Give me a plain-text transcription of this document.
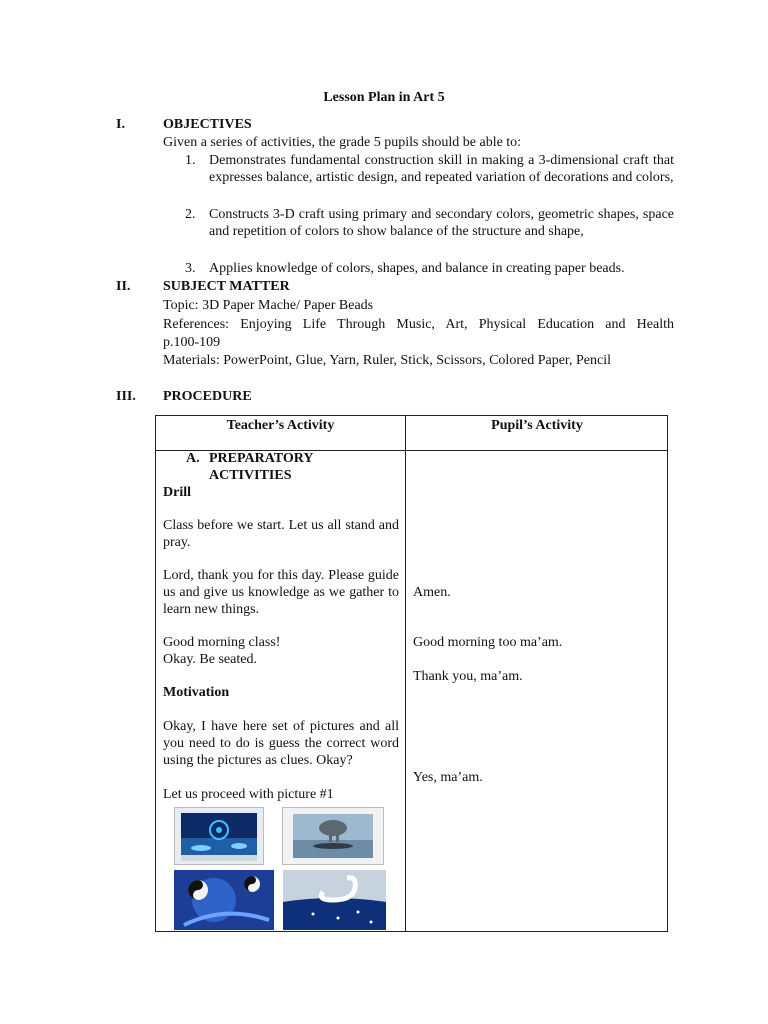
Lesson Plan in Art 5
I.	OBJECTIVES
Given a series of activities, the grade 5 pupils should be able to:
1. Demonstrates fundamental construction skill in making a 3-dimensional craft that expresses balance, artistic design, and repeated variation of decorations and colors,
2. Constructs 3-D craft using primary and secondary colors, geometric shapes, space and repetition of colors to show balance of the structure and shape,
3. Applies knowledge of colors, shapes, and balance in creating paper beads.
II. SUBJECT MATTER
Topic: 3D Paper Mache/ Paper Beads
References: Enjoying Life Through Music, Art, Physical Education and Health
p.100-109
Materials: PowerPoint, Glue, Yarn, Ruler, Stick, Scissors, Colored Paper, Pencil
III. PROCEDURE
Teacher’s Activity	Pupil’s Activity
A. PREPARATORY
ACTIVITIES
Drill
Class before we start. Let us all stand and pray.
Lord, thank you for this day. Please guide us and give us knowledge as we gather to learn new things.
Good morning class!
Okay. Be seated.
Motivation
Okay, I have here set of pictures and all you need to do is guess the correct word using the pictures as clues. Okay?
Let us proceed with picture #1
Amen.
Good morning too ma’am.
Thank you, ma’am.
Yes, ma’am.
